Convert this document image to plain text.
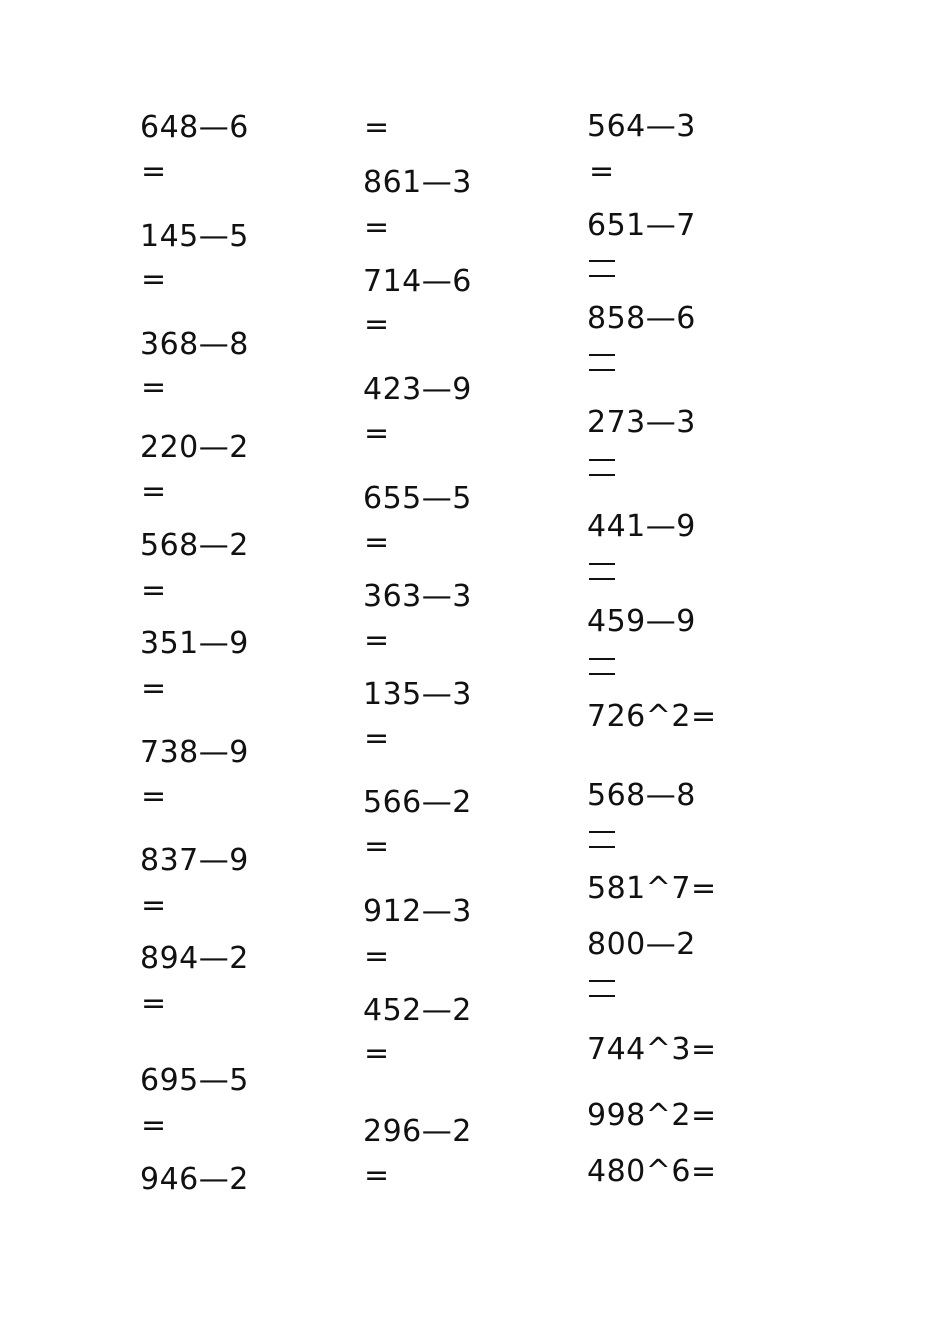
648—6
=
145—5
=
368—8
=
220—2
=
568—2
=
351—9
=
738—9
=
837—9
=
894—2
=
695—5
=
946—2
=
861—3
=
714—6
=
423—9
=
655—5
=
363—3
=
135—3
=
566—2
=
912—3
=
452—2
=
296—2
=
564—3
=
651—7
858—6
273—3
441—9
459—9
726^2=
568—8
581^7=
800—2
744^3=
998^2=
480^6=
